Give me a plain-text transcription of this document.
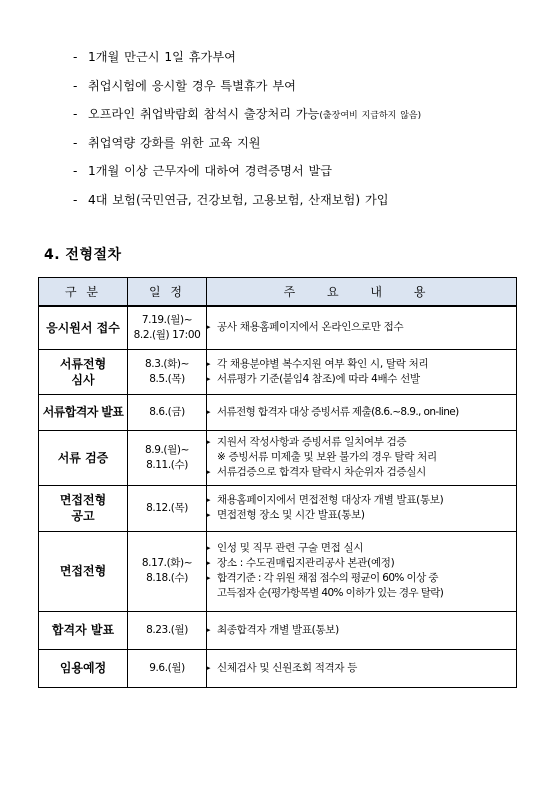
- 1개월 만근시 1일 휴가부여
- 취업시험에 응시할 경우 특별휴가 부여
- 오프라인 취업박람회 참석시 출장처리 가능(출장여비 지급하지 않음)
- 취업역량 강화를 위한 교육 지원
- 1개월 이상 근무자에 대하여 경력증명서 발급
- 4대 보험(국민연금, 건강보험, 고용보험, 산재보험) 가입
4. 전형절차
구 분	일 정	주 요 내 용

응시원서 접수	7.19.(월)~
8.2.(월) 17:00	▸ 공사 채용홈페이지에서 온라인으로만 접수

서류전형
심사	8.3.(화)~
8.5.(목)	▸ 각 채용분야별 복수지원 여부 확인 시, 탈락 처리
▸ 서류평가 기준(붙임4 참조)에 따라 4배수 선발

서류합격자 발표	8.6.(금)	▸ 서류전형 합격자 대상 증빙서류 제출(8.6.~8.9., on-line)

서류 검증	8.9.(월)~
8.11.(수)	▸ 지원서 작성사항과 증빙서류 일치여부 검증
※ 증빙서류 미제출 및 보완 불가의 경우 탈락 처리
▸ 서류검증으로 합격자 탈락시 차순위자 검증실시

면접전형
공고	8.12.(목)	▸ 채용홈페이지에서 면접전형 대상자 개별 발표(통보)
▸ 면접전형 장소 및 시간 발표(통보)

면접전형	8.17.(화)~
8.18.(수)	▸ 인성 및 직무 관련 구술 면접 실시
▸ 장소 : 수도권매립지관리공사 본관(예정)
▸ 합격기준 : 각 위원 채점 점수의 평균이 60% 이상 중
고득점자 순(평가항목별 40% 이하가 있는 경우 탈락)

합격자 발표	8.23.(월)	▸ 최종합격자 개별 발표(통보)

임용예정	9.6.(월)	▸ 신체검사 및 신원조회 적격자 등
